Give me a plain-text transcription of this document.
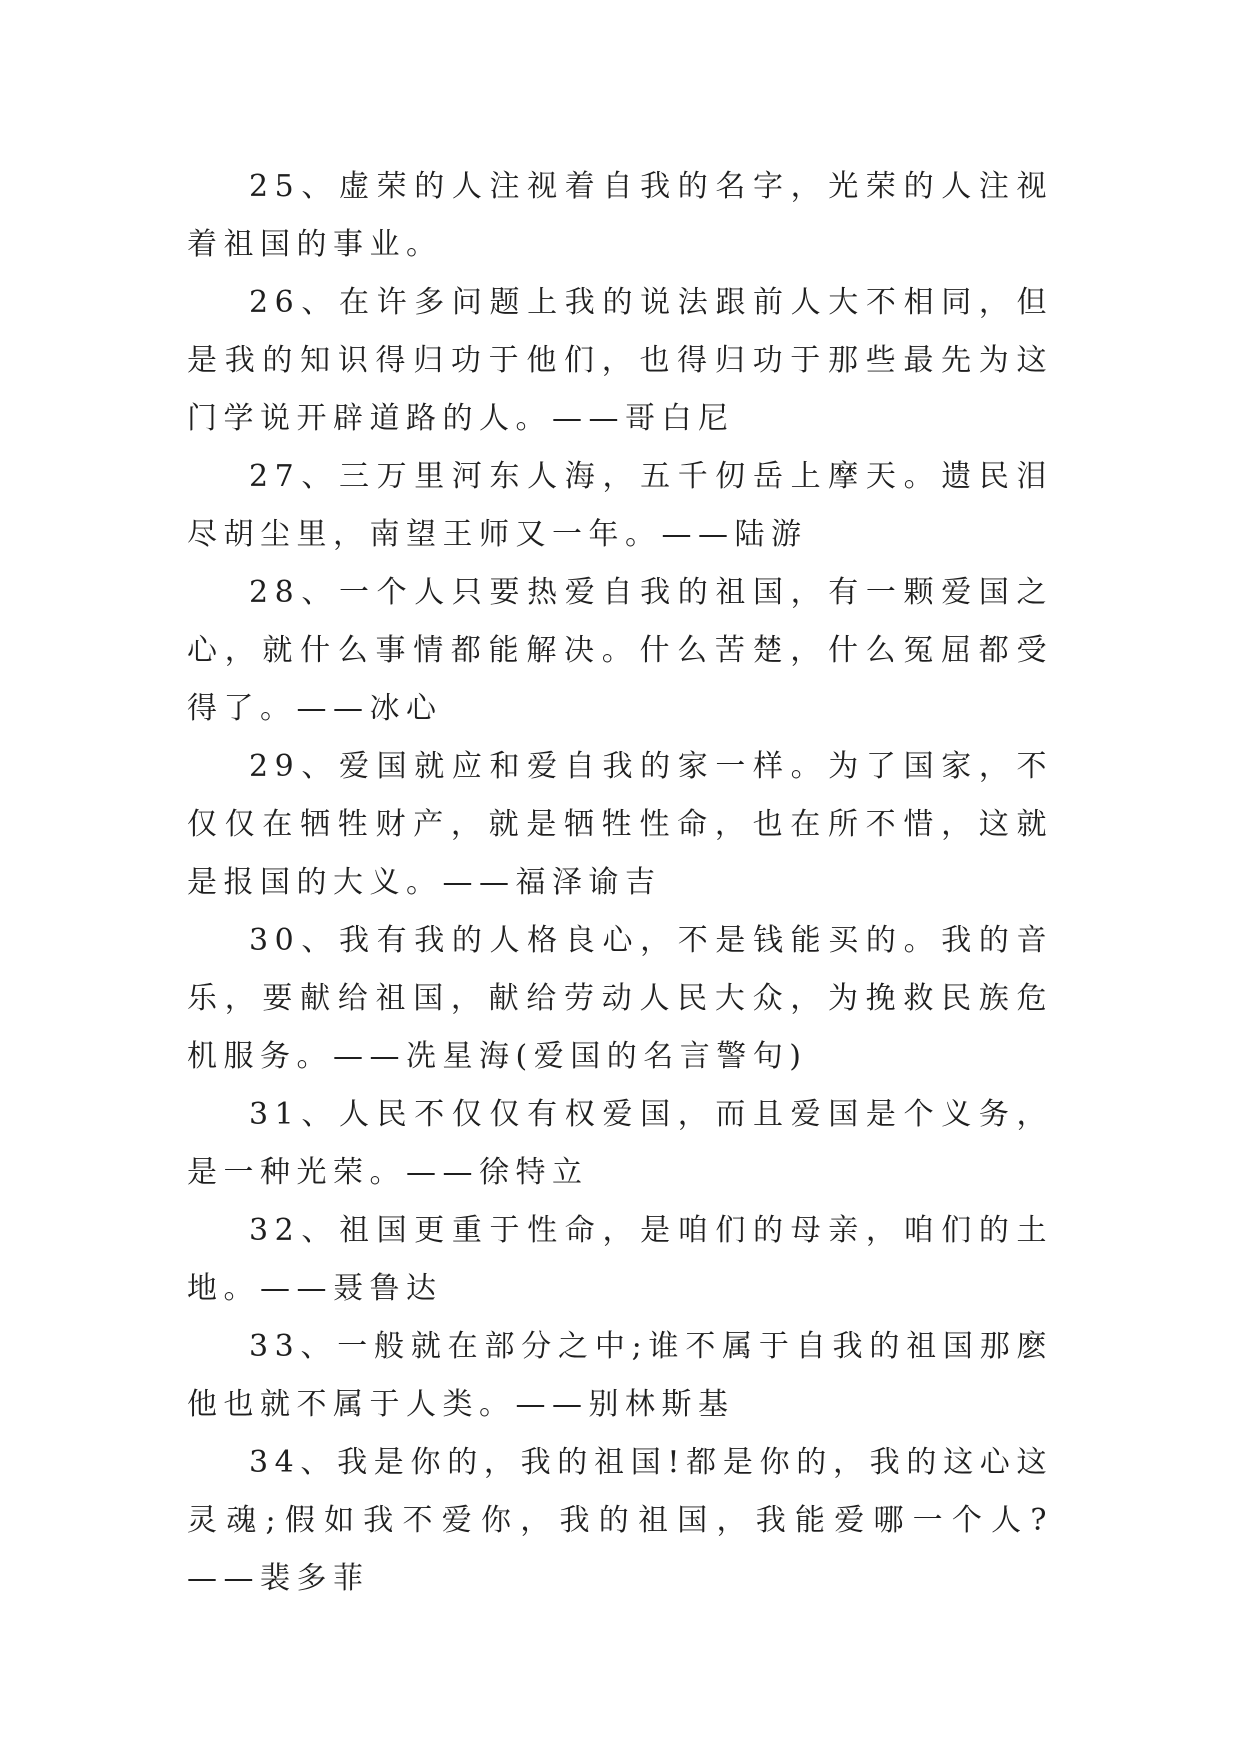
25、虚荣的人注视着自我的名字，光荣的人注视着祖国的事业。

26、在许多问题上我的说法跟前人大不相同，但是我的知识得归功于他们，也得归功于那些最先为这门学说开辟道路的人。——哥白尼

27、三万里河东人海，五千仞岳上摩天。遗民泪尽胡尘里，南望王师又一年。——陆游

28、一个人只要热爱自我的祖国，有一颗爱国之心，就什么事情都能解决。什么苦楚，什么冤屈都受得了。——冰心

29、爱国就应和爱自我的家一样。为了国家，不仅仅在牺牲财产，就是牺牲性命，也在所不惜，这就是报国的大义。——福泽谕吉

30、我有我的人格良心，不是钱能买的。我的音乐，要献给祖国，献给劳动人民大众，为挽救民族危机服务。——冼星海(爱国的名言警句)

31、人民不仅仅有权爱国，而且爱国是个义务，是一种光荣。——徐特立

32、祖国更重于性命，是咱们的母亲，咱们的土地。——聂鲁达

33、一般就在部分之中;谁不属于自我的祖国那麽他也就不属于人类。——别林斯基

34、我是你的，我的祖国!都是你的，我的这心这灵魂;假如我不爱你，我的祖国，我能爱哪一个人?——裴多菲
